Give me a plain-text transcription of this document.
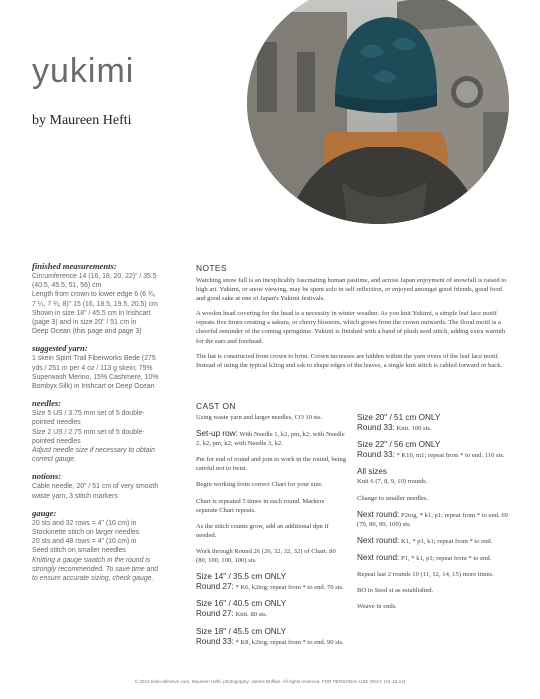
yukimi
by Maureen Hefti
finished measurements:
Circumference 14 (16, 18, 20, 22)" / 35.5
(40.5, 45.5, 51, 56) cm
Length from crown to lower edge 6 (6 ¾,
7 ¼, 7 ¾, 8)" 15 (16, 18.5, 19.5, 20.5) cm
Shown in size 18" / 45.5 cm in Irishcart
(page 3) and in size 20" / 51 cm in
Deep Ocean (this page and page 3)
suggested yarn:
1 skein Spirit Trail Fiberworks Bede (275
yds / 251 m per 4 oz / 113 g skein; 75%
Superwash Merino, 15% Cashmere, 10%
Bombyx Silk) in Irishcart or Deep Ocean
needles:
Size 5 US / 3.75 mm set of 5 double-
pointed needles
Size 2 US / 2.75 mm set of 5 double-
pointed needles
Adjust needle size if necessary to obtain
correct gauge.
notions:
Cable needle, 20" / 51 cm of very smooth
waste yarn, 3 stitch markers
gauge:
20 sts and 32 rows = 4" (10 cm) in
Stockinette stitch on larger needles
20 sts and 48 rows = 4" (10 cm) in
Seed stitch on smaller needles
Knitting a gauge swatch in the round is
strongly recommended. To save time and
to ensure accurate sizing, check gauge.
NOTES

Watching snow fall is an inexplicably fascinating human pastime, and across Japan enjoyment of snowfall is raised to high art. Yukimi, or snow viewing, may be spent solo in self reflection, or enjoyed amongst good friends, good food and good sake at one of Japan's Yukimi festivals.

A woolen head covering for the head is a necessity in winter weather. As you knit Yukimi, a simple leaf lace motif repeats five times creating a sakura, or cherry blossom, which grows from the crown outwards. The floral motif is a cheerful reminder of the coming springtime. Yukimi is finished with a band of plush seed stitch, adding extra warmth for the ears and forehead.

The hat is constructed from crown to brim. Crown increases are hidden within the yarn overs of the leaf lace motif. Instead of using the typical k2tog and ssk to shape edges of the leaves, a single knit stitch is cabled forward or back.

CAST ON

Using waste yarn and larger needles, CO 10 sts.

Set-up row: With Needle 1, k2, pm, k2; with Needle 2, k2, pm, k2; with Needle 3, k2.

Pm for end of round and join to work in the round, being careful not to twist.

Begin working from correct Chart for your size.

Chart is repeated 5 times in each round. Markers separate Chart repeats.

As the stitch counts grow, add an additional dpn if needed.

Work through Round 26 (26, 32, 32, 32) of Chart. 80 (80, 100, 100, 100) sts.

Size 14" / 35.5 cm ONLY
Round 27: * K6, k2tog; repeat from * to end. 70 sts.

Size 16" / 40.5 cm ONLY
Round 27: Knit. 80 sts.

Size 18" / 45.5 cm ONLY
Round 33: * K8, k2tog; repeat from * to end. 90 sts.

Size 20" / 51 cm ONLY
Round 33: Knit. 100 sts.

Size 22" / 56 cm ONLY
Round 33: * K10, m1; repeat from * to end. 110 sts.

All sizes
Knit 6 (7, 8, 9, 10) rounds.

Change to smaller needles.

Next round: P2tog, * k1, p1; repeat from * to end. 69 (79, 89, 99, 109) sts.

Next round: K1, * p1, k1; repeat from * to end.

Next round: P1, * k1, p1; repeat from * to end.

Repeat last 2 rounds 10 (11, 12, 14, 15) more times.

BO in Seed st as established.

Weave in ends.

© 2013 holiccollective.com, Maureen Hefti. photography: James Briffain. All rights reserved. FOR PERSONAL USE ONLY. (V1.15.13)
